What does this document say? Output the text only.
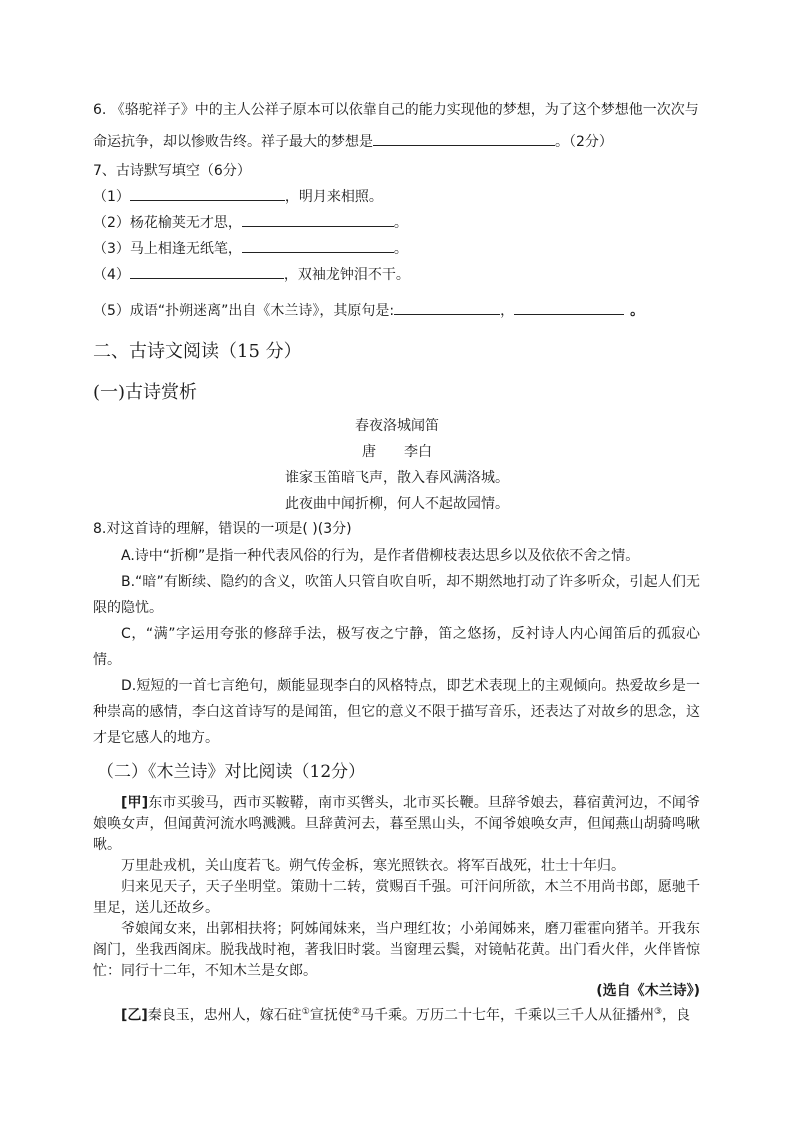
6. 《骆驼祥子》中的主人公祥子原本可以依靠自己的能力实现他的梦想，为了这个梦想他一次次与
命运抗争，却以惨败告终。祥子最大的梦想是	。（2分）
7、古诗默写填空（6分）
（1）	，明月来相照。
（2）杨花榆荚无才思，	。
（3）马上相逢无纸笔，	。
（4）	，双袖龙钟泪不干。
（5）成语“扑朔迷离”出自《木兰诗》，其原句是:	，	。
二、古诗文阅读（15 分）
(一)古诗赏析
春夜洛城闻笛
唐 李白
谁家玉笛暗飞声，散入春风满洛城。
此夜曲中闻折柳，何人不起故园情。
8.对这首诗的理解，错误的一项是( )(3分)
A.诗中“折柳”是指一种代表风俗的行为，是作者借柳枝表达思乡以及依依不舍之情。
B.“暗”有断续、隐约的含义，吹笛人只管自吹自听，却不期然地打动了许多听众，引起人们无限的隐忧。
C，“满”字运用夸张的修辞手法，极写夜之宁静，笛之悠扬，反衬诗人内心闻笛后的孤寂心情。
D.短短的一首七言绝句，颇能显现李白的风格特点，即艺术表现上的主观倾向。热爱故乡是一种崇高的感情，李白这首诗写的是闻笛，但它的意义不限于描写音乐，还表达了对故乡的思念，这才是它感人的地方。
（二）《木兰诗》对比阅读（12分）
[甲]东市买骏马，西市买鞍鞯，南市买辔头，北市买长鞭。旦辞爷娘去，暮宿黄河边，不闻爷娘唤女声，但闻黄河流水鸣溅溅。旦辞黄河去，暮至黑山头，不闻爷娘唤女声，但闻燕山胡骑鸣啾啾。
万里赴戎机，关山度若飞。朔气传金柝，寒光照铁衣。将军百战死，壮士十年归。
归来见天子，天子坐明堂。策勋十二转，赏赐百千强。可汗问所欲，木兰不用尚书郎，愿驰千里足，送儿还故乡。
爷娘闻女来，出郭相扶将；阿姊闻妹来，当户理红妆；小弟闻姊来，磨刀霍霍向猪羊。开我东阁门，坐我西阁床。脱我战时袍，著我旧时裳。当窗理云鬓，对镜帖花黄。出门看火伴，火伴皆惊忙：同行十二年，不知木兰是女郎。
(选自《木兰诗》)
[乙]秦良玉，忠州人，嫁石砫①宣抚使②马千乘。万历二十七年，千乘以三千人从征播州③，良
